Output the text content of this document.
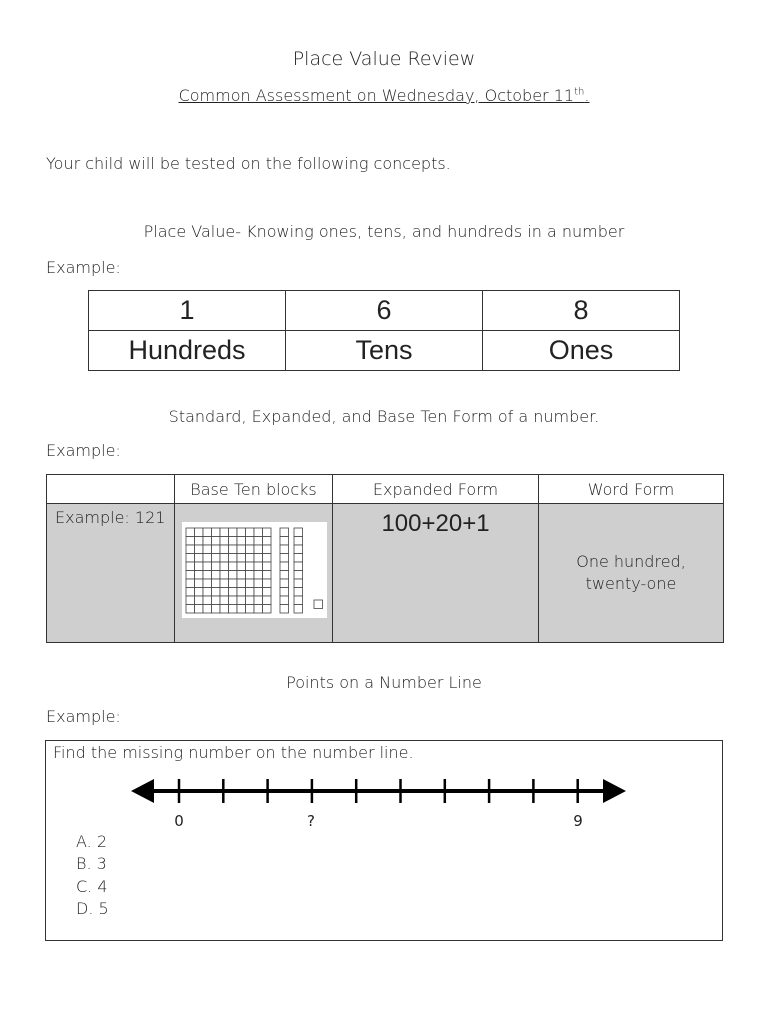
Place Value Review
Common Assessment on Wednesday, October 11th.
Your child will be tested on the following concepts.
Place Value- Knowing ones, tens, and hundreds in a number
Example:
1	6	8
Hundreds	Tens	Ones
Standard, Expanded, and Base Ten Form of a number.
Example:
	Base Ten blocks	Expanded Form	Word Form
Example: 121		100+20+1	One hundred,
twenty-one
Points on a Number Line
Example:
Find the missing number on the number line.
0	?	9
A. 2
B. 3
C. 4
D. 5
